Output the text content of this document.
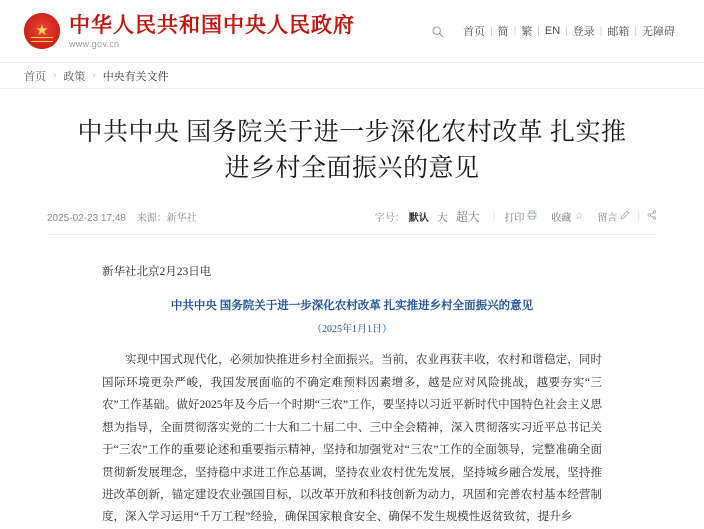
★
中华人民共和国中央人民政府
www.gov.cn
首页 | 简 | 繁 | EN | 登录 | 邮箱 | 无障碍
首页 › 政策 › 中央有关文件
中共中央 国务院关于进一步深化农村改革 扎实推进乡村全面振兴的意见
2025-02-23 17:48 来源：新华社	字号： 默认 大 超大 | 打印	收藏 ☆ 留言 |
新华社北京2月23日电
中共中央 国务院关于进一步深化农村改革 扎实推进乡村全面振兴的意见
（2025年1月1日）

实现中国式现代化，必须加快推进乡村全面振兴。当前，农业再获丰收，农村和谐稳定，同时国际环境更杂严峻，我国发展面临的不确定难预料因素增多，越是应对风险挑战，越要夯实“三农”工作基础。做好2025年及今后一个时期“三农”工作，要坚持以习近平新时代中国特色社会主义思想为指导，全面贯彻落实党的二十大和二十届二中、三中全会精神，深入贯彻落实习近平总书记关于“三农”工作的重要论述和重要指示精神，坚持和加强党对“三农”工作的全面领导，完整准确全面贯彻新发展理念，坚持稳中求进工作总基调，坚持农业农村优先发展，坚持城乡融合发展，坚持推进改革创新，锚定建设农业强国目标，以改革开放和科技创新为动力，巩固和完善农村基本经营制度，深入学习运用“千万工程”经验，确保国家粮食安全、确保不发生规模性返贫致贫，提升乡
